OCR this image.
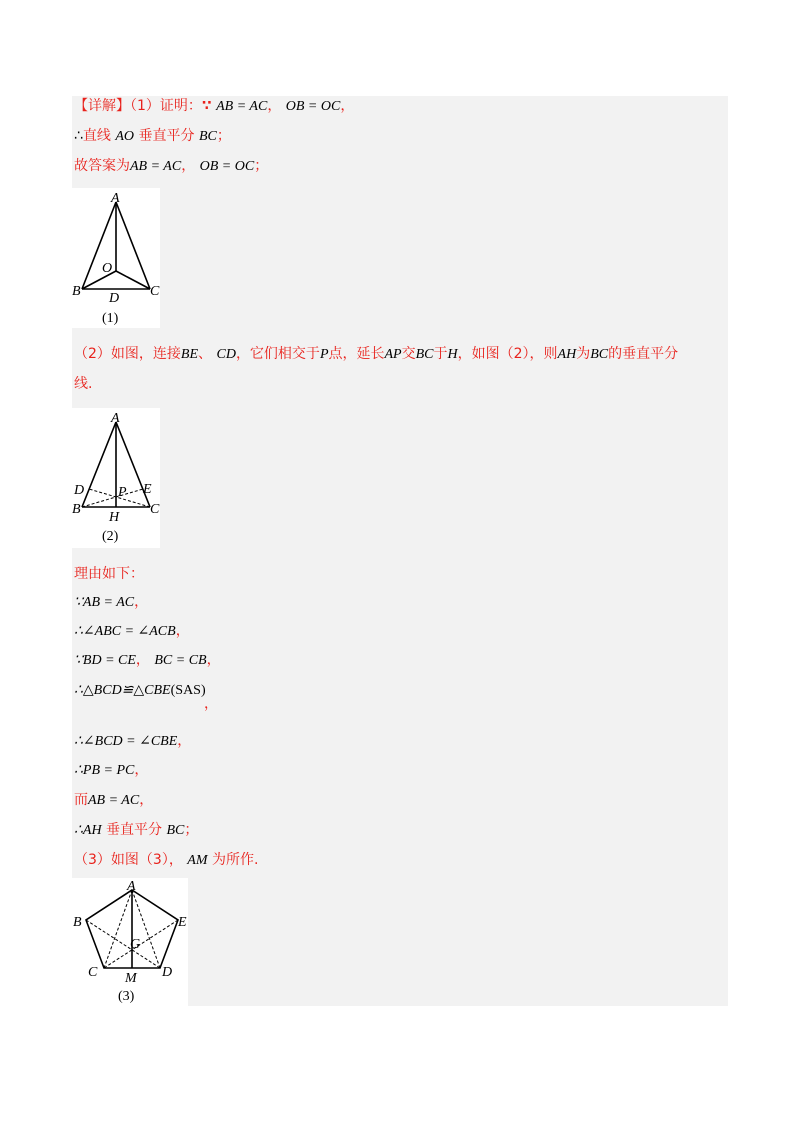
【详解】（1）证明：∵ AB = AC， OB = OC，
∴直线 AO 垂直平分 BC；
故答案为AB = AC， OB = OC；
A
O
B D C
(1)
（2）如图，连接BE、 CD，它们相交于P点，延长AP交BC于H，如图（2），则AH为BC的垂直平分
线.
A
D P E
B
H
C
(2)
理由如下：
∵AB = AC，
∴∠ABC = ∠ACB，
∵BD = CE， BC = CB，
∴△BCD≌△CBE(SAS)
，
∴∠BCD = ∠CBE，
∴PB = PC，
而AB = AC，
∴AH 垂直平分 BC；
（3）如图（3）， AM 为所作.
A
B	E
G
C	D
M
(3)
